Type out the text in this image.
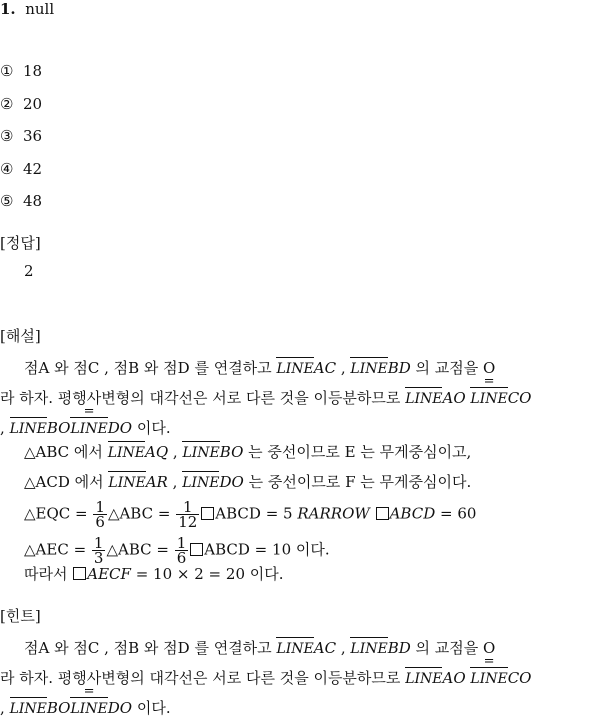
1. null
① 18
② 20
③ 36
④ 42
⑤ 48
[정답]
2
[해설]
점A 와 점C , 점B 와 점D 를 연결하고 LINEAC , LINEBD 의 교점을 O
라 하자. 평행사변형의 대각선은 서로 다른 것을 이등분하므로 LINEAO
=
LINECO
, LINEBO
=
LINEDO 이다.
△ABC 에서 LINEAQ , LINEBO 는 중선이므로 E 는 무게중심이고,
△ACD 에서 LINEAR , LINEDO 는 중선이므로 F 는 무게중심이다.
△EQC = $\frac{1}{6}$ △ABC = $\frac{1}{12}$ ABCD = 5 RARROW ABCD = 60
△AEC = $\frac{1}{3}$ △ABC = $\frac{1}{6}$ ABCD = 10 이다.
따라서 AECF = 10 × 2 = 20 이다.
[힌트]
점A 와 점C , 점B 와 점D 를 연결하고 LINEAC , LINEBD 의 교점을 O
라 하자. 평행사변형의 대각선은 서로 다른 것을 이등분하므로 LINEAO
=
LINECO
, LINEBO
=
LINEDO 이다.
